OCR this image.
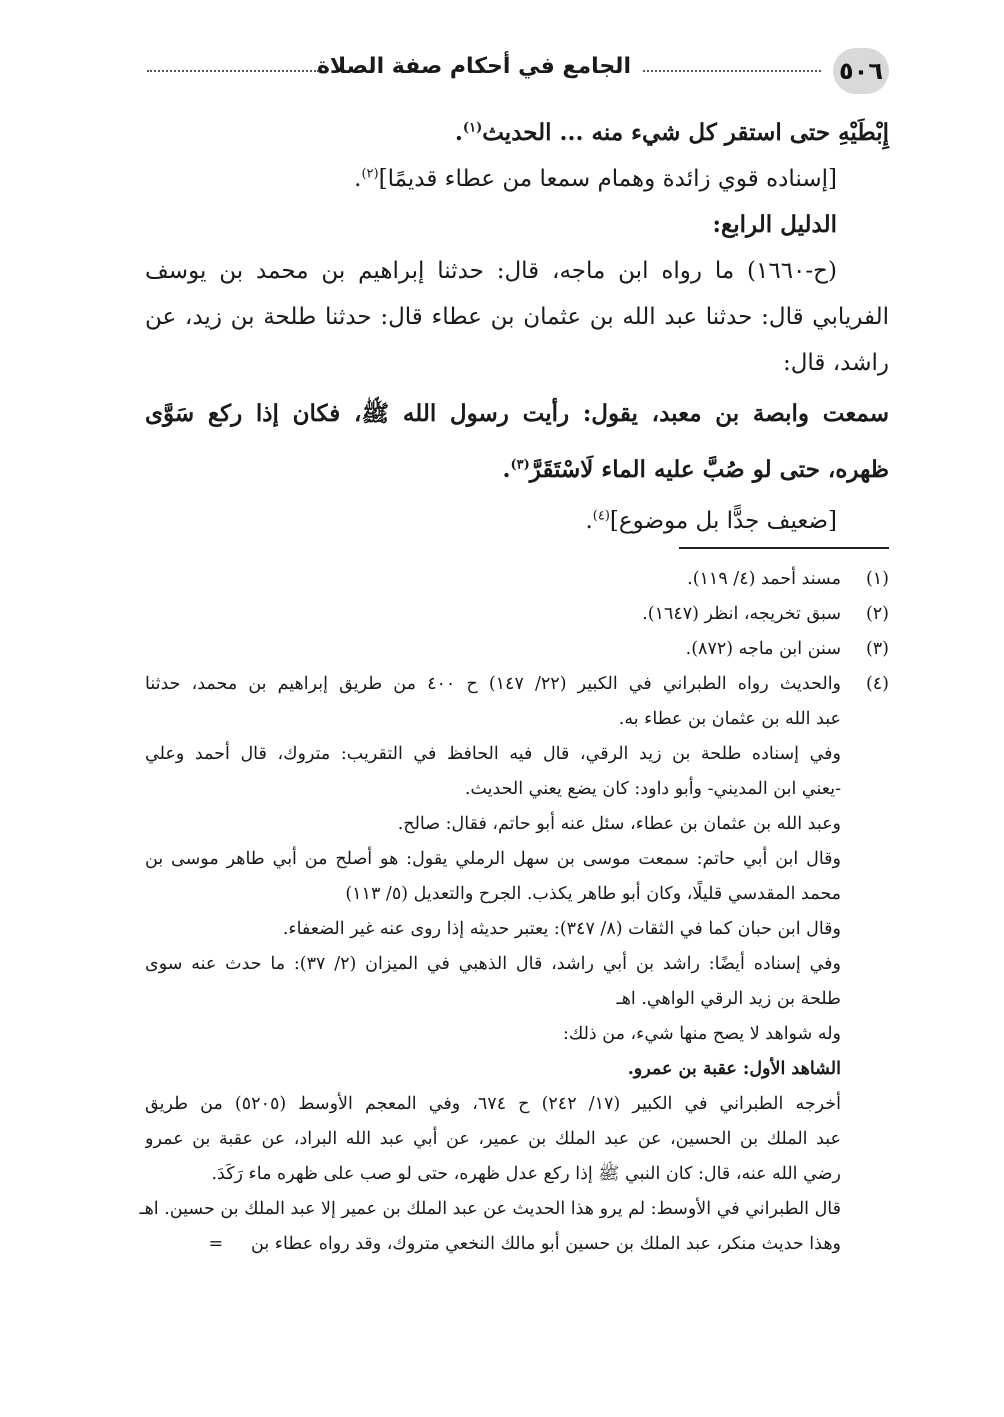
٥٠٦
الجامع في أحكام صفة الصلاة
إِبْطَيْهِ حتى استقر كل شيء منه ... الحديث$^{(١)}$.
[إسناده قوي زائدة وهمام سمعا من عطاء قديمًا]$^{(٢)}$.
الدليل الرابع:
(ح-١٦٦٠) ما رواه ابن ماجه، قال: حدثنا إبراهيم بن محمد بن يوسف
الفريابي قال: حدثنا عبد الله بن عثمان بن عطاء قال: حدثنا طلحة بن زيد، عن
راشد، قال:
سمعت وابصة بن معبد، يقول: رأيت رسول الله ﷺ، فكان إذا ركع سَوَّى
ظهره، حتى لو صُبَّ عليه الماء لَاسْتَقَرَّ$^{(٣)}$.
[ضعيف جدًّا بل موضوع]$^{(٤)}$.
(١)
مسند أحمد (٤/ ١١٩).
(٢)
سبق تخريجه، انظر (١٦٤٧).
(٣)
سنن ابن ماجه (٨٧٢).
(٤)
والحديث رواه الطبراني في الكبير (٢٢/ ١٤٧) ح ٤٠٠ من طريق إبراهيم بن محمد، حدثنا
عبد الله بن عثمان بن عطاء به.
وفي إسناده طلحة بن زيد الرقي، قال فيه الحافظ في التقريب: متروك، قال أحمد وعلي
-يعني ابن المديني- وأبو داود: كان يضع يعني الحديث.
وعبد الله بن عثمان بن عطاء، سئل عنه أبو حاتم، فقال: صالح.
وقال ابن أبي حاتم: سمعت موسى بن سهل الرملي يقول: هو أصلح من أبي طاهر موسى بن
محمد المقدسي قليلًا، وكان أبو طاهر يكذب. الجرح والتعديل (٥/ ١١٣)
وقال ابن حبان كما في الثقات (٨/ ٣٤٧): يعتبر حديثه إذا روى عنه غير الضعفاء.
وفي إسناده أيضًا: راشد بن أبي راشد، قال الذهبي في الميزان (٢/ ٣٧): ما حدث عنه سوى
طلحة بن زيد الرقي الواهي. اهـ
وله شواهد لا يصح منها شيء، من ذلك:
الشاهد الأول: عقبة بن عمرو.
أخرجه الطبراني في الكبير (١٧/ ٢٤٢) ح ٦٧٤، وفي المعجم الأوسط (٥٢٠٥) من طريق
عبد الملك بن الحسين، عن عبد الملك بن عمير، عن أبي عبد الله البراد، عن عقبة بن عمرو
رضي الله عنه، قال: كان النبي ﷺ إذا ركع عدل ظهره، حتى لو صب على ظهره ماء رَكَدَ.
قال الطبراني في الأوسط: لم يرو هذا الحديث عن عبد الملك بن عمير إلا عبد الملك بن حسين. اهـ
وهذا حديث منكر، عبد الملك بن حسين أبو مالك النخعي متروك، وقد رواه عطاء بن     =
